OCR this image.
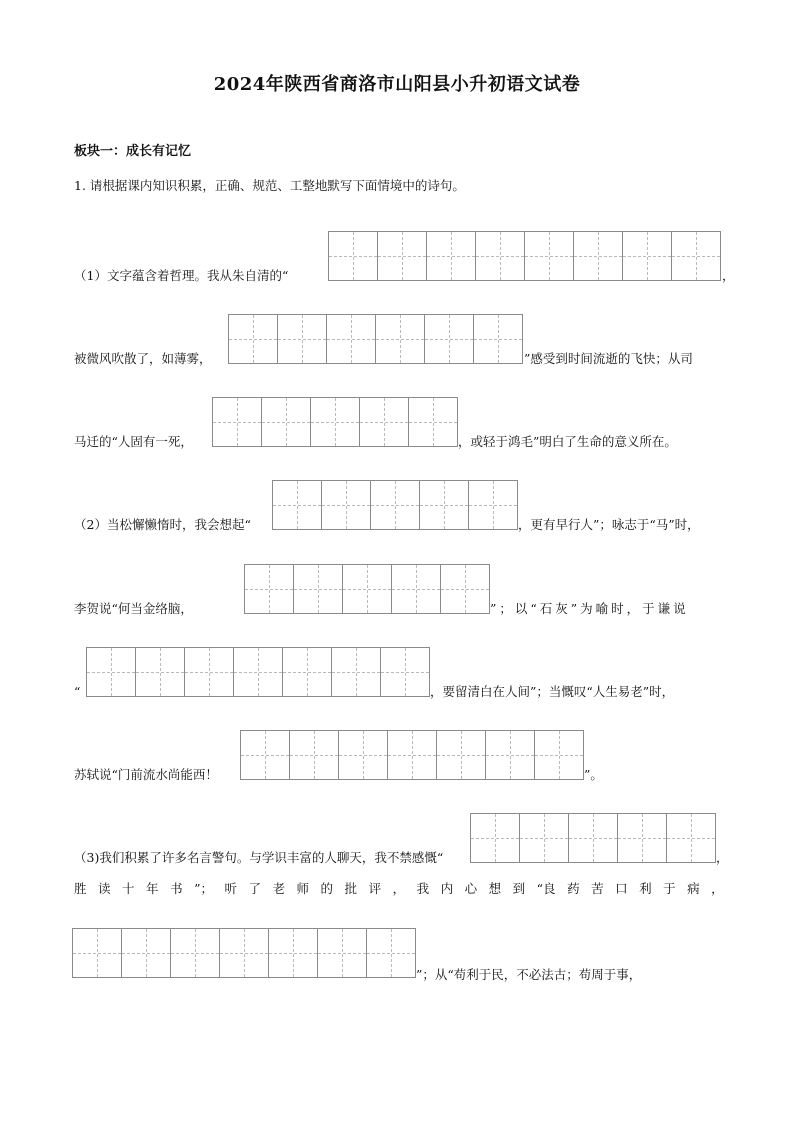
2024年陕西省商洛市山阳县小升初语文试卷
板块一：成长有记忆
1. 请根据课内知识积累，正确、规范、工整地默写下面情境中的诗句。
（1）文字蕴含着哲理。我从朱自清的“	，
被微风吹散了，如薄雾，	”感受到时间流逝的飞快；从司
马迁的“人固有一死，	，或轻于鸿毛”明白了生命的意义所在。
（2）当松懈懒惰时，我会想起“	，更有早行人”；咏志于“马”时，
李贺说“何当金络脑，	”；以“石灰”为喻时，于谦说
“	，要留清白在人间”；当慨叹“人生易老”时，
苏轼说“门前流水尚能西！	”。
（3)我们积累了许多名言警句。与学识丰富的人聊天，我不禁感慨“	，
胜 读 十 年 书 ”； 听 了 老 师 的 批 评 ， 我 内 心 想 到 “良 药 苦 口 利 于 病 ，
”；从“苟利于民，不必法古；苟周于事，
